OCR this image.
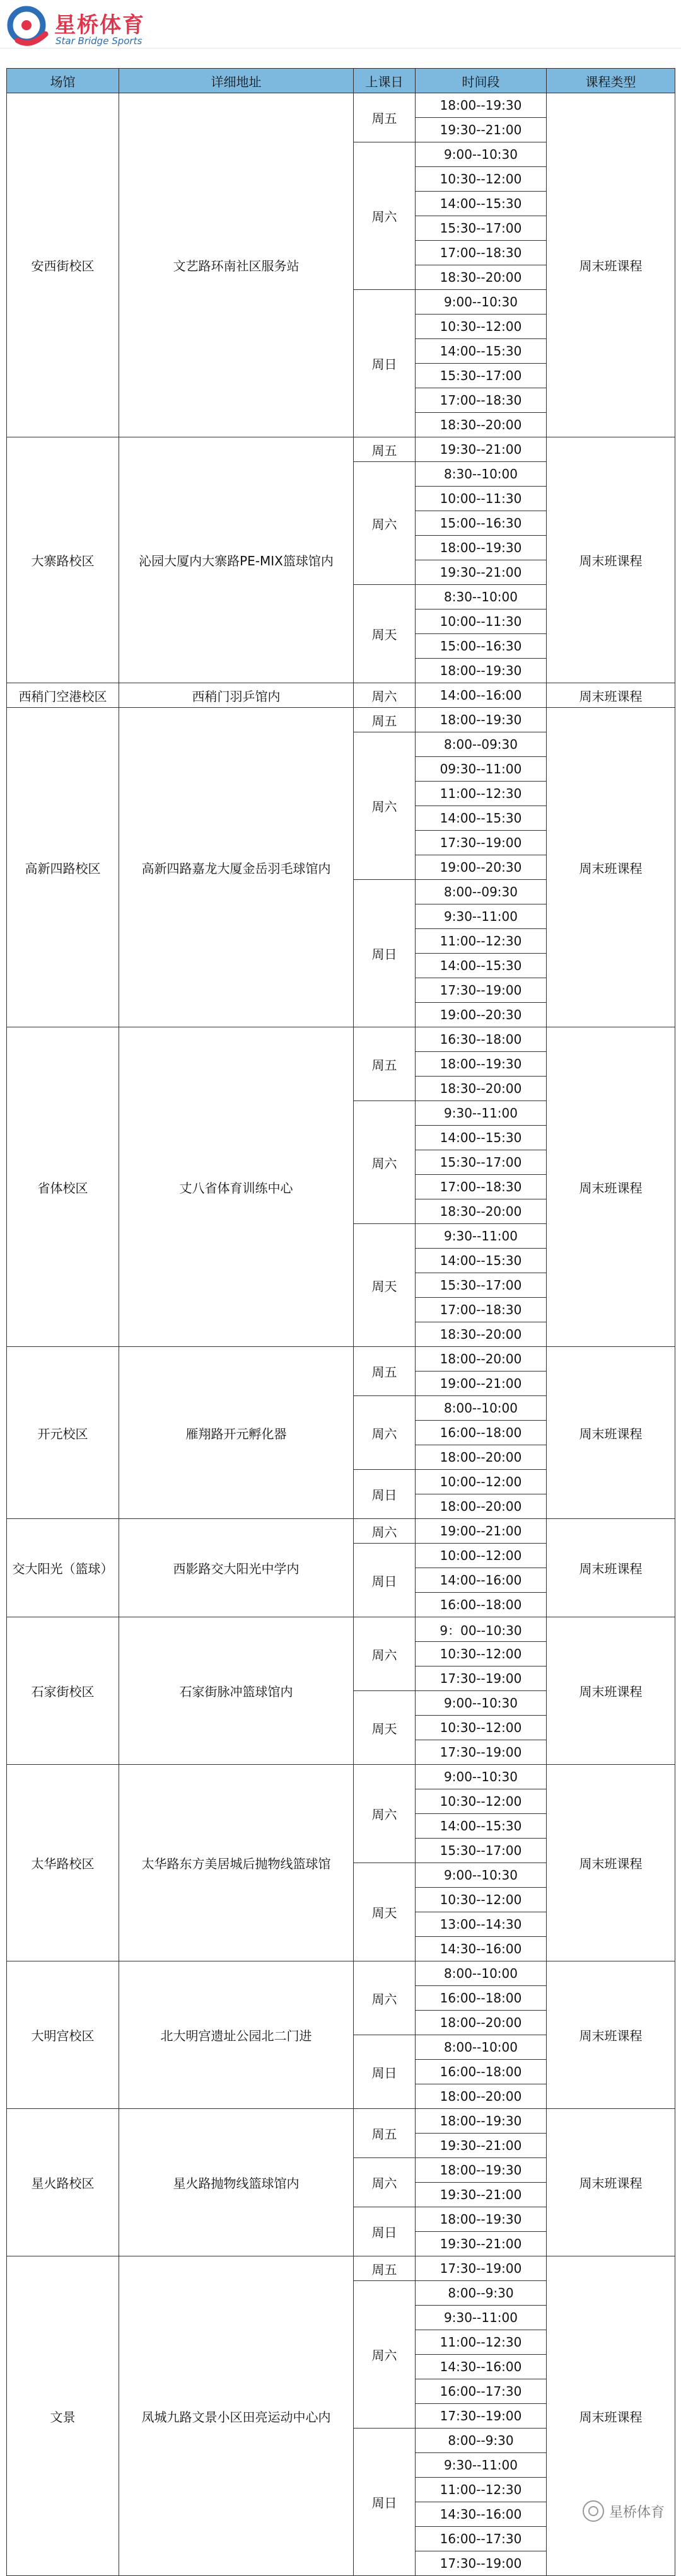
星桥体育
Star Bridge Sports
场馆	详细地址	上课日	时间段	课程类型
安西街校区	文艺路环南社区服务站	周五	18:00--19:30	周末班课程
			19:30--21:00	
		周六	9:00--10:30	
			10:30--12:00	
			14:00--15:30	
			15:30--17:00	
			17:00--18:30	
			18:30--20:00	
		周日	9:00--10:30	
			10:30--12:00	
			14:00--15:30	
			15:30--17:00	
			17:00--18:30	
			18:30--20:00	
大寨路校区	沁园大厦内大寨路PE-MIX篮球馆内	周五	19:30--21:00	周末班课程
		周六	8:30--10:00	
			10:00--11:30	
			15:00--16:30	
			18:00--19:30	
			19:30--21:00	
		周天	8:30--10:00	
			10:00--11:30	
			15:00--16:30	
			18:00--19:30	
西稍门空港校区	西稍门羽乒馆内	周六	14:00--16:00	周末班课程
高新四路校区	高新四路嘉龙大厦金岳羽毛球馆内	周五	18:00--19:30	周末班课程
		周六	8:00--09:30	
			09:30--11:00	
			11:00--12:30	
			14:00--15:30	
			17:30--19:00	
			19:00--20:30	
		周日	8:00--09:30	
			9:30--11:00	
			11:00--12:30	
			14:00--15:30	
			17:30--19:00	
			19:00--20:30	
省体校区	丈八省体育训练中心	周五	16:30--18:00	周末班课程
			18:00--19:30	
			18:30--20:00	
		周六	9:30--11:00	
			14:00--15:30	
			15:30--17:00	
			17:00--18:30	
			18:30--20:00	
		周天	9:30--11:00	
			14:00--15:30	
			15:30--17:00	
			17:00--18:30	
			18:30--20:00	
开元校区	雁翔路开元孵化器	周五	18:00--20:00	周末班课程
			19:00--21:00	
		周六	8:00--10:00	
			16:00--18:00	
			18:00--20:00	
		周日	10:00--12:00	
			18:00--20:00	
交大阳光（篮球）	西影路交大阳光中学内	周六	19:00--21:00	周末班课程
		周日	10:00--12:00	
			14:00--16:00	
			16:00--18:00	
石家街校区	石家街脉冲篮球馆内	周六	9：00--10:30	周末班课程
			10:30--12:00	
			17:30--19:00	
		周天	9:00--10:30	
			10:30--12:00	
			17:30--19:00	
太华路校区	太华路东方美居城后抛物线篮球馆	周六	9:00--10:30	周末班课程
			10:30--12:00	
			14:00--15:30	
			15:30--17:00	
		周天	9:00--10:30	
			10:30--12:00	
			13:00--14:30	
			14:30--16:00	
大明宫校区	北大明宫遗址公园北二门进	周六	8:00--10:00	周末班课程
			16:00--18:00	
			18:00--20:00	
		周日	8:00--10:00	
			16:00--18:00	
			18:00--20:00	
星火路校区	星火路抛物线篮球馆内	周五	18:00--19:30	周末班课程
			19:30--21:00	
		周六	18:00--19:30	
			19:30--21:00	
		周日	18:00--19:30	
			19:30--21:00	
文景	凤城九路文景小区田亮运动中心内	周五	17:30--19:00	周末班课程
		周六	8:00--9:30	
			9:30--11:00	
			11:00--12:30	
			14:30--16:00	
			16:00--17:30	
			17:30--19:00	
		周日	8:00--9:30	
			9:30--11:00	
			11:00--12:30	
			14:30--16:00	
			16:00--17:30	
			17:30--19:00	
星桥体育
